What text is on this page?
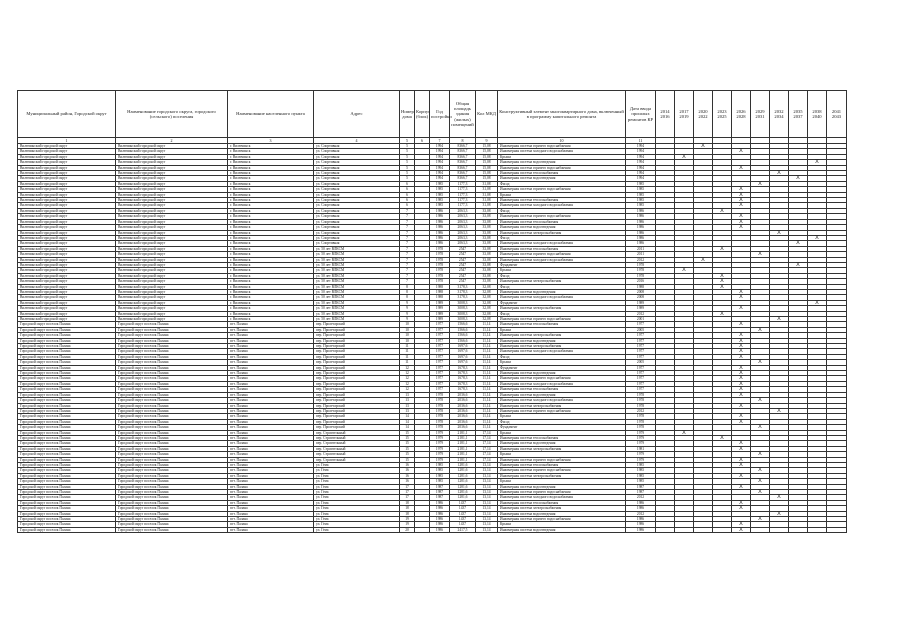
Муниципальный район, Городской округ	Наименование городского округа, городского (сельского) поселения	Наименование населенного пункта	Адрес	Номер дома	Корпус (блок)	Год постройки	Общая площадь здания (жилых) помещений	Кол МКД	Конструктивный элемент многоквартирного дома, включенный в программу капитального ремонта	Дата ввода прошлых ремонтов КР	2014 2016	2017 2019	2020 2022	2023 2025	2026 2028	2029 2031	2032 2034	2035 2037	2038 2040	2041 2043
1	2	3	4	5	6	7	8	9	10	11										
Вилючинский городской округ	Вилючинский городской округ	г. Вилючинск	ул. Спортивная	5		1994	8366,7	15,08	Инженерная система горячего водоснабжения	1994			X							
Вилючинский городской округ	Вилючинский городской округ	г. Вилючинск	ул. Спортивная	5		1994	8366,7	15,08	Инженерная система холодного водоснабжения	1994					X					
Вилючинский городской округ	Вилючинский городской округ	г. Вилючинск	ул. Спортивная	5		1994	8366,7	15,08	Крыша	1994		X								
Вилючинский городской округ	Вилючинский городской округ	г. Вилючинск	ул. Спортивная	5		1994	8366,7	15,08	Инженерная система водоотведения	1994									X	
Вилючинский городской округ	Вилючинский городской округ	г. Вилючинск	ул. Спортивная	5		1994	8366,7	15,08	Инженерная система горячего водоснабжения	1994					X					
Вилючинский городской округ	Вилючинский городской округ	г. Вилючинск	ул. Спортивная	5		1994	8366,7	15,08	Инженерная система теплоснабжения	1994							X			
Вилючинский городской округ	Вилючинский городской округ	г. Вилючинск	ул. Спортивная	5		1994	8366,7	15,08	Инженерная система водоотведения	1994								X		
Вилючинский городской округ	Вилючинский городской округ	г. Вилючинск	ул. Спортивная	6		1985	1177,3	31,08	Фасад	1985						X				
Вилючинский городской округ	Вилючинский городской округ	г. Вилючинск	ул. Спортивная	6		1985	1177,3	31,08	Инженерная система горячего водоснабжения	1985					X					
Вилючинский городской округ	Вилючинский городской округ	г. Вилючинск	ул. Спортивная	6		1985	1177,3	31,08	Крыша	1985					X					
Вилючинский городской округ	Вилючинский городской округ	г. Вилючинск	ул. Спортивная	6		1985	1177,3	31,08	Инженерная система теплоснабжения	1985					X					
Вилючинский городской округ	Вилючинский городской округ	г. Вилючинск	ул. Спортивная	6		1985	1177,3	31,08	Инженерная система холодного водоснабжения	1985					X					
Вилючинский городской округ	Вилючинский городской округ	г. Вилючинск	ул. Спортивная	7		1986	2063,3	33,08	Фасад	1986				X						
Вилючинский городской округ	Вилючинский городской округ	г. Вилючинск	ул. Спортивная	7		1986	2063,3	33,08	Инженерная система горячего водоснабжения	1986					X					
Вилючинский городской округ	Вилючинский городской округ	г. Вилючинск	ул. Спортивная	7		1986	2063,3	33,08	Инженерная система теплоснабжения	1986					X					
Вилючинский городской округ	Вилючинский городской округ	г. Вилючинск	ул. Спортивная	7		1986	2063,3	33,08	Инженерная система водоотведения	1986					X					
Вилючинский городской округ	Вилючинский городской округ	г. Вилючинск	ул. Спортивная	7		1986	2063,3	33,08	Инженерная система электроснабжения	1986							X			
Вилючинский городской округ	Вилючинский городской округ	г. Вилючинск	ул. Спортивная	7		1986	2063,3	33,08	Фасад	1986									X	
Вилючинский городской округ	Вилючинский городской округ	г. Вилючинск	ул. Спортивная	7		1986	2063,3	33,08	Инженерная система холодного водоснабжения	1986								X		
Вилючинский городской округ	Вилючинский городской округ	г. Вилючинск	ул. 50 лет ВЛКСМ	7		1978	2547	33,08	Инженерная система теплоснабжения	2011				X						
Вилючинский городской округ	Вилючинский городской округ	г. Вилючинск	ул. 50 лет ВЛКСМ	7		1978	2547	33,08	Инженерная система горячего водоснабжения	2011						X				
Вилючинский городской округ	Вилючинский городской округ	г. Вилючинск	ул. 50 лет ВЛКСМ	7		1978	2547	33,08	Инженерная система холодного водоснабжения	2012			X							
Вилючинский городской округ	Вилючинский городской округ	г. Вилючинск	ул. 50 лет ВЛКСМ	7		1978	2547	33,08	Фундамент	1978								X		
Вилючинский городской округ	Вилючинский городской округ	г. Вилючинск	ул. 50 лет ВЛКСМ	7		1978	2547	33,08	Крыша	1978		X								
Вилючинский городской округ	Вилючинский городской округ	г. Вилючинск	ул. 50 лет ВЛКСМ	7		1978	2547	33,08	Фасад	1978				X						
Вилючинский городской округ	Вилючинский городской округ	г. Вилючинск	ул. 50 лет ВЛКСМ	7		1978	2547	33,08	Инженерная система электроснабжения	2016				X						
Вилючинский городской округ	Вилючинский городской округ	г. Вилючинск	ул. 50 лет ВЛКСМ	8		1988	3178,3	32,08	Фасад	1988				X						
Вилючинский городской округ	Вилючинский городской округ	г. Вилючинск	ул. 50 лет ВЛКСМ	8		1988	3178,3	32,08	Инженерная система водоотведения	2008					X					
Вилючинский городской округ	Вилючинский городской округ	г. Вилючинск	ул. 50 лет ВЛКСМ	8		1988	3178,3	32,08	Инженерная система холодного водоснабжения	2008					X					
Вилючинский городской округ	Вилючинский городской округ	г. Вилючинск	ул. 50 лет ВЛКСМ	9		1989	3008,3	32,08	Фундамент	1989									X	
Вилючинский городской округ	Вилючинский городской округ	г. Вилючинск	ул. 50 лет ВЛКСМ	9		1989	3008,3	32,08	Инженерная система электроснабжения	1989					X					
Вилючинский городской округ	Вилючинский городской округ	г. Вилючинск	ул. 50 лет ВЛКСМ	9		1989	3008,3	32,08	Фасад	2012				X						
Вилючинский городской округ	Вилючинский городской округ	г. Вилючинск	ул. 50 лет ВЛКСМ	9		1989	3008,3	32,08	Инженерная система горячего водоснабжения	2001							X			
Городской округ поселок Палана	Городской округ поселок Палана	пгт. Палана	пер. Пролетарский	10		1977	1566,6	11,14	Инженерная система теплоснабжения	1977					X					
Городской округ поселок Палана	Городской округ поселок Палана	пгт. Палана	пер. Пролетарский	10		1977	1566,6	11,14	Крыша	2005						X				
Городской округ поселок Палана	Городской округ поселок Палана	пгт. Палана	пер. Пролетарский	10		1977	1566,6	11,14	Инженерная система электроснабжения	1977					X					
Городской округ поселок Палана	Городской округ поселок Палана	пгт. Палана	пер. Пролетарский	10		1977	1566,6	11,14	Инженерная система водоотведения	1977					X					
Городской округ поселок Палана	Городской округ поселок Палана	пгт. Палана	пер. Пролетарский	11		1977	1697,6	11,14	Инженерная система электроснабжения	1977					X					
Городской округ поселок Палана	Городской округ поселок Палана	пгт. Палана	пер. Пролетарский	11		1977	1697,6	11,14	Инженерная система холодного водоснабжения	1977					X					
Городской округ поселок Палана	Городской округ поселок Палана	пгт. Палана	пер. Пролетарский	11		1977	1697,6	11,14	Фасад	1977					X					
Городской округ поселок Палана	Городской округ поселок Палана	пгт. Палана	пер. Пролетарский	11		1977	1697,6	11,14	Крыша	2005						X				
Городской округ поселок Палана	Городской округ поселок Палана	пгт. Палана	пер. Пролетарский	12		1977	1678,3	11,14	Фундамент	1977					X					
Городской округ поселок Палана	Городской округ поселок Палана	пгт. Палана	пер. Пролетарский	12		1977	1678,3	11,14	Инженерная система водоотведения	1977					X					
Городской округ поселок Палана	Городской округ поселок Палана	пгт. Палана	пер. Пролетарский	12		1977	1678,3	11,14	Инженерная система горячего водоснабжения	1977					X					
Городской округ поселок Палана	Городской округ поселок Палана	пгт. Палана	пер. Пролетарский	12		1977	1678,3	11,14	Инженерная система холодного водоснабжения	1977					X					
Городской округ поселок Палана	Городской округ поселок Палана	пгт. Палана	пер. Пролетарский	12		1977	1678,3	11,14	Инженерная система теплоснабжения	1977					X					
Городской округ поселок Палана	Городской округ поселок Палана	пгт. Палана	пер. Пролетарский	13		1978	2036,6	11,14	Инженерная система водоотведения	1978					X					
Городской округ поселок Палана	Городской округ поселок Палана	пгт. Палана	пер. Пролетарский	13		1978	2036,6	11,14	Инженерная система холодного водоснабжения	1978						X				
Городской округ поселок Палана	Городской округ поселок Палана	пгт. Палана	пер. Пролетарский	13		1978	2036,6	11,14	Инженерная система электроснабжения	1978					X					
Городской округ поселок Палана	Городской округ поселок Палана	пгт. Палана	пер. Пролетарский	13		1978	2036,6	11,14	Инженерная система горячего водоснабжения	2012							X			
Городской округ поселок Палана	Городской округ поселок Палана	пгт. Палана	пер. Пролетарский	14		1978	2036,6	11,14	Крыша	1978					X					
Городской округ поселок Палана	Городской округ поселок Палана	пгт. Палана	пер. Пролетарский	14		1978	2036,6	11,14	Фасад	1978					X					
Городской округ поселок Палана	Городской округ поселок Палана	пгт. Палана	пер. Пролетарский	14		1978	2036,6	11,14	Фундамент	1978						X				
Городской округ поселок Палана	Городской округ поселок Палана	пгт. Палана	пер. Строительный	15		1979	2181,1	17,14	Крыша	1979		X								
Городской округ поселок Палана	Городской округ поселок Палана	пгт. Палана	пер. Строительный	15		1979	2181,1	17,14	Инженерная система теплоснабжения	1979				X						
Городской округ поселок Палана	Городской округ поселок Палана	пгт. Палана	пер. Строительный	15		1979	2181,1	17,14	Инженерная система водоотведения	1979					X					
Городской округ поселок Палана	Городской округ поселок Палана	пгт. Палана	пер. Строительный	15		1979	2181,1	17,14	Инженерная система электроснабжения	1981					X					
Городской округ поселок Палана	Городской округ поселок Палана	пгт. Палана	пер. Строительный	15		1979	2181,1	17,14	Крыша	1979						X				
Городской округ поселок Палана	Городской округ поселок Палана	пгт. Палана	пер. Строительный	15		1979	2181,1	17,14	Инженерная система горячего водоснабжения	1979					X					
Городской округ поселок Палана	Городской округ поселок Палана	пгт. Палана	ул. Гема	16		1985	1281,6	13,14	Инженерная система теплоснабжения	1985					X					
Городской округ поселок Палана	Городской округ поселок Палана	пгт. Палана	ул. Гема	16		1985	1281,6	13,14	Инженерная система горячего водоснабжения	1985						X				
Городской округ поселок Палана	Городской округ поселок Палана	пгт. Палана	ул. Гема	16		1985	1281,6	13,14	Инженерная система электроснабжения	1985					X					
Городской округ поселок Палана	Городской округ поселок Палана	пгт. Палана	ул. Гема	16		1985	1281,6	13,14	Крыша	1985						X				
Городской округ поселок Палана	Городской округ поселок Палана	пгт. Палана	ул. Гема	17		1987	1281,6	13,14	Инженерная система водоотведения	1987					X					
Городской округ поселок Палана	Городской округ поселок Палана	пгт. Палана	ул. Гема	17		1987	1281,6	13,14	Инженерная система горячего водоснабжения	1987						X				
Городской округ поселок Палана	Городской округ поселок Палана	пгт. Палана	ул. Гема	17		1987	1281,6	13,14	Инженерная система холодного водоснабжения	2012							X			
Городской округ поселок Палана	Городской округ поселок Палана	пгт. Палана	ул. Гема	18		1986	1437	13,14	Инженерная система теплоснабжения	1986					X					
Городской округ поселок Палана	Городской округ поселок Палана	пгт. Палана	ул. Гема	18		1986	1437	13,14	Инженерная система электроснабжения	1986					X					
Городской округ поселок Палана	Городской округ поселок Палана	пгт. Палана	ул. Гема	18		1986	1437	13,14	Инженерная система водоотведения	2012							X			
Городской округ поселок Палана	Городской округ поселок Палана	пгт. Палана	ул. Гема	19		1986	1437	13,14	Инженерная система горячего водоснабжения	1986						X				
Городской округ поселок Палана	Городской округ поселок Палана	пгт. Палана	ул. Гема	19		1986	1437	13,14	Крыша	1986					X					
Городской округ поселок Палана	Городской округ поселок Палана	пгт. Палана	ул. Гема	20		1986	2417,5	13,14	Инженерная система водоотведения	1986					X					
